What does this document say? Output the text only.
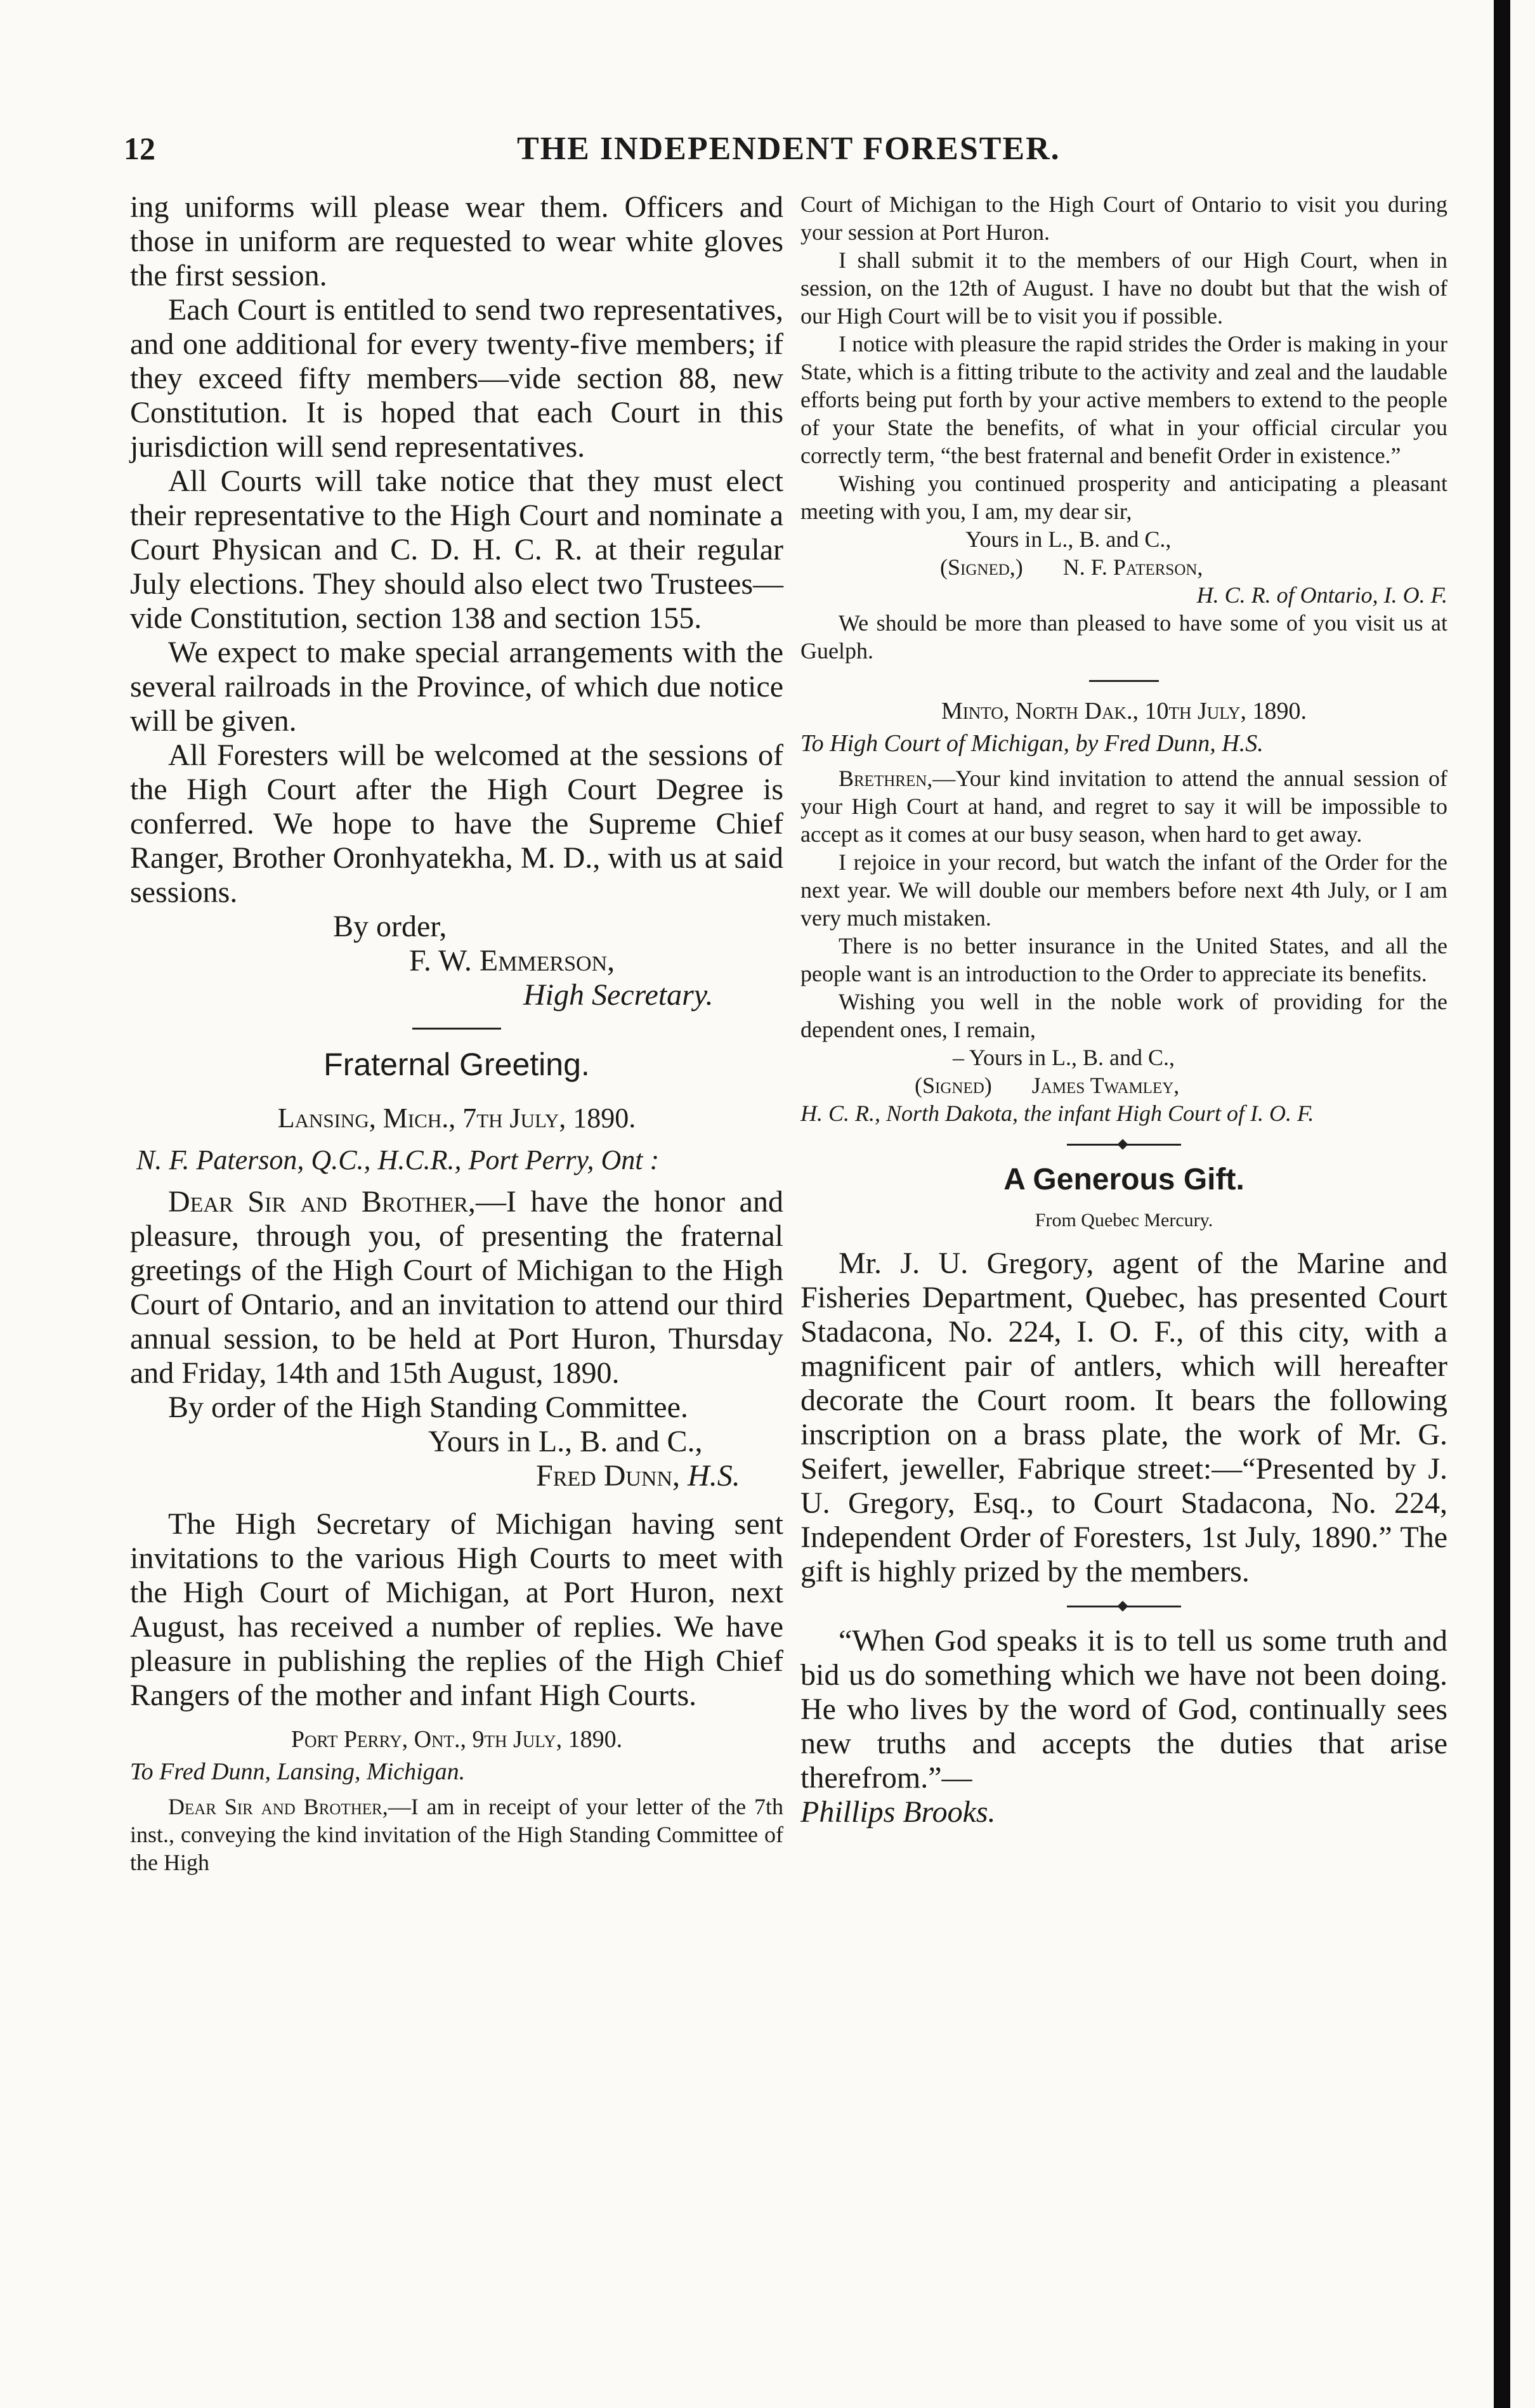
12	THE INDEPENDENT FORESTER.

ing uniforms will please wear them. Officers and those in uniform are requested to wear white gloves the first session.

Each Court is entitled to send two representatives, and one additional for every twenty-five members; if they exceed fifty members—vide section 88, new Constitution. It is hoped that each Court in this jurisdiction will send representatives.

All Courts will take notice that they must elect their representative to the High Court and nominate a Court Physican and C. D. H. C. R. at their regular July elections. They should also elect two Trustees—vide Constitution, section 138 and section 155.

We expect to make special arrangements with the several railroads in the Province, of which due notice will be given.

All Foresters will be welcomed at the sessions of the High Court after the High Court Degree is conferred. We hope to have the Supreme Chief Ranger, Brother Oronhyatekha, M. D., with us at said sessions.

By order,

F. W. Emmerson,

High Secretary.

Fraternal Greeting.
Lansing, Mich., 7th July, 1890.
N. F. Paterson, Q.C., H.C.R., Port Perry, Ont :

Dear Sir and Brother,—I have the honor and pleasure, through you, of presenting the fraternal greetings of the High Court of Michigan to the High Court of Ontario, and an invitation to attend our third annual session, to be held at Port Huron, Thursday and Friday, 14th and 15th August, 1890.

By order of the High Standing Committee.

Yours in L., B. and C.,

Fred Dunn, H.S.

The High Secretary of Michigan having sent invitations to the various High Courts to meet with the High Court of Michigan, at Port Huron, next August, has received a number of replies. We have pleasure in publishing the replies of the High Chief Rangers of the mother and infant High Courts.

Port Perry, Ont., 9th July, 1890.
To Fred Dunn, Lansing, Michigan.

Dear Sir and Brother,—I am in receipt of your letter of the 7th inst., conveying the kind invitation of the High Standing Committee of the High

Court of Michigan to the High Court of Ontario to visit you during your session at Port Huron.

I shall submit it to the members of our High Court, when in session, on the 12th of August. I have no doubt but that the wish of our High Court will be to visit you if possible.

I notice with pleasure the rapid strides the Order is making in your State, which is a fitting tribute to the activity and zeal and the laudable efforts being put forth by your active members to extend to the people of your State the benefits, of what in your official circular you correctly term, “the best fraternal and benefit Order in existence.”

Wishing you continued prosperity and anticipating a pleasant meeting with you, I am, my dear sir,

Yours in L., B. and C.,

(Signed,)       N. F. Paterson,

H. C. R. of Ontario, I. O. F.

We should be more than pleased to have some of you visit us at Guelph.

Minto, North Dak., 10th July, 1890.
To High Court of Michigan, by Fred Dunn, H.S.

Brethren,—Your kind invitation to attend the annual session of your High Court at hand, and regret to say it will be impossible to accept as it comes at our busy season, when hard to get away.

I rejoice in your record, but watch the infant of the Order for the next year. We will double our members before next 4th July, or I am very much mistaken.

There is no better insurance in the United States, and all the people want is an introduction to the Order to appreciate its benefits.

Wishing you well in the noble work of providing for the dependent ones, I remain,

– Yours in L., B. and C.,

(Signed)       James Twamley,

H. C. R., North Dakota, the infant High Court of I. O. F.

A Generous Gift.
From Quebec Mercury.

Mr. J. U. Gregory, agent of the Marine and Fisheries Department, Quebec, has presented Court Stadacona, No. 224, I. O. F., of this city, with a magnificent pair of antlers, which will hereafter decorate the Court room. It bears the following inscription on a brass plate, the work of Mr. G. Seifert, jeweller, Fabrique street:—“Presented by J. U. Gregory, Esq., to Court Stadacona, No. 224, Independent Order of Foresters, 1st July, 1890.” The gift is highly prized by the members.

“When God speaks it is to tell us some truth and bid us do something which we have not been doing. He who lives by the word of God, continually sees new truths and accepts the duties that arise therefrom.”—

Phillips Brooks.
